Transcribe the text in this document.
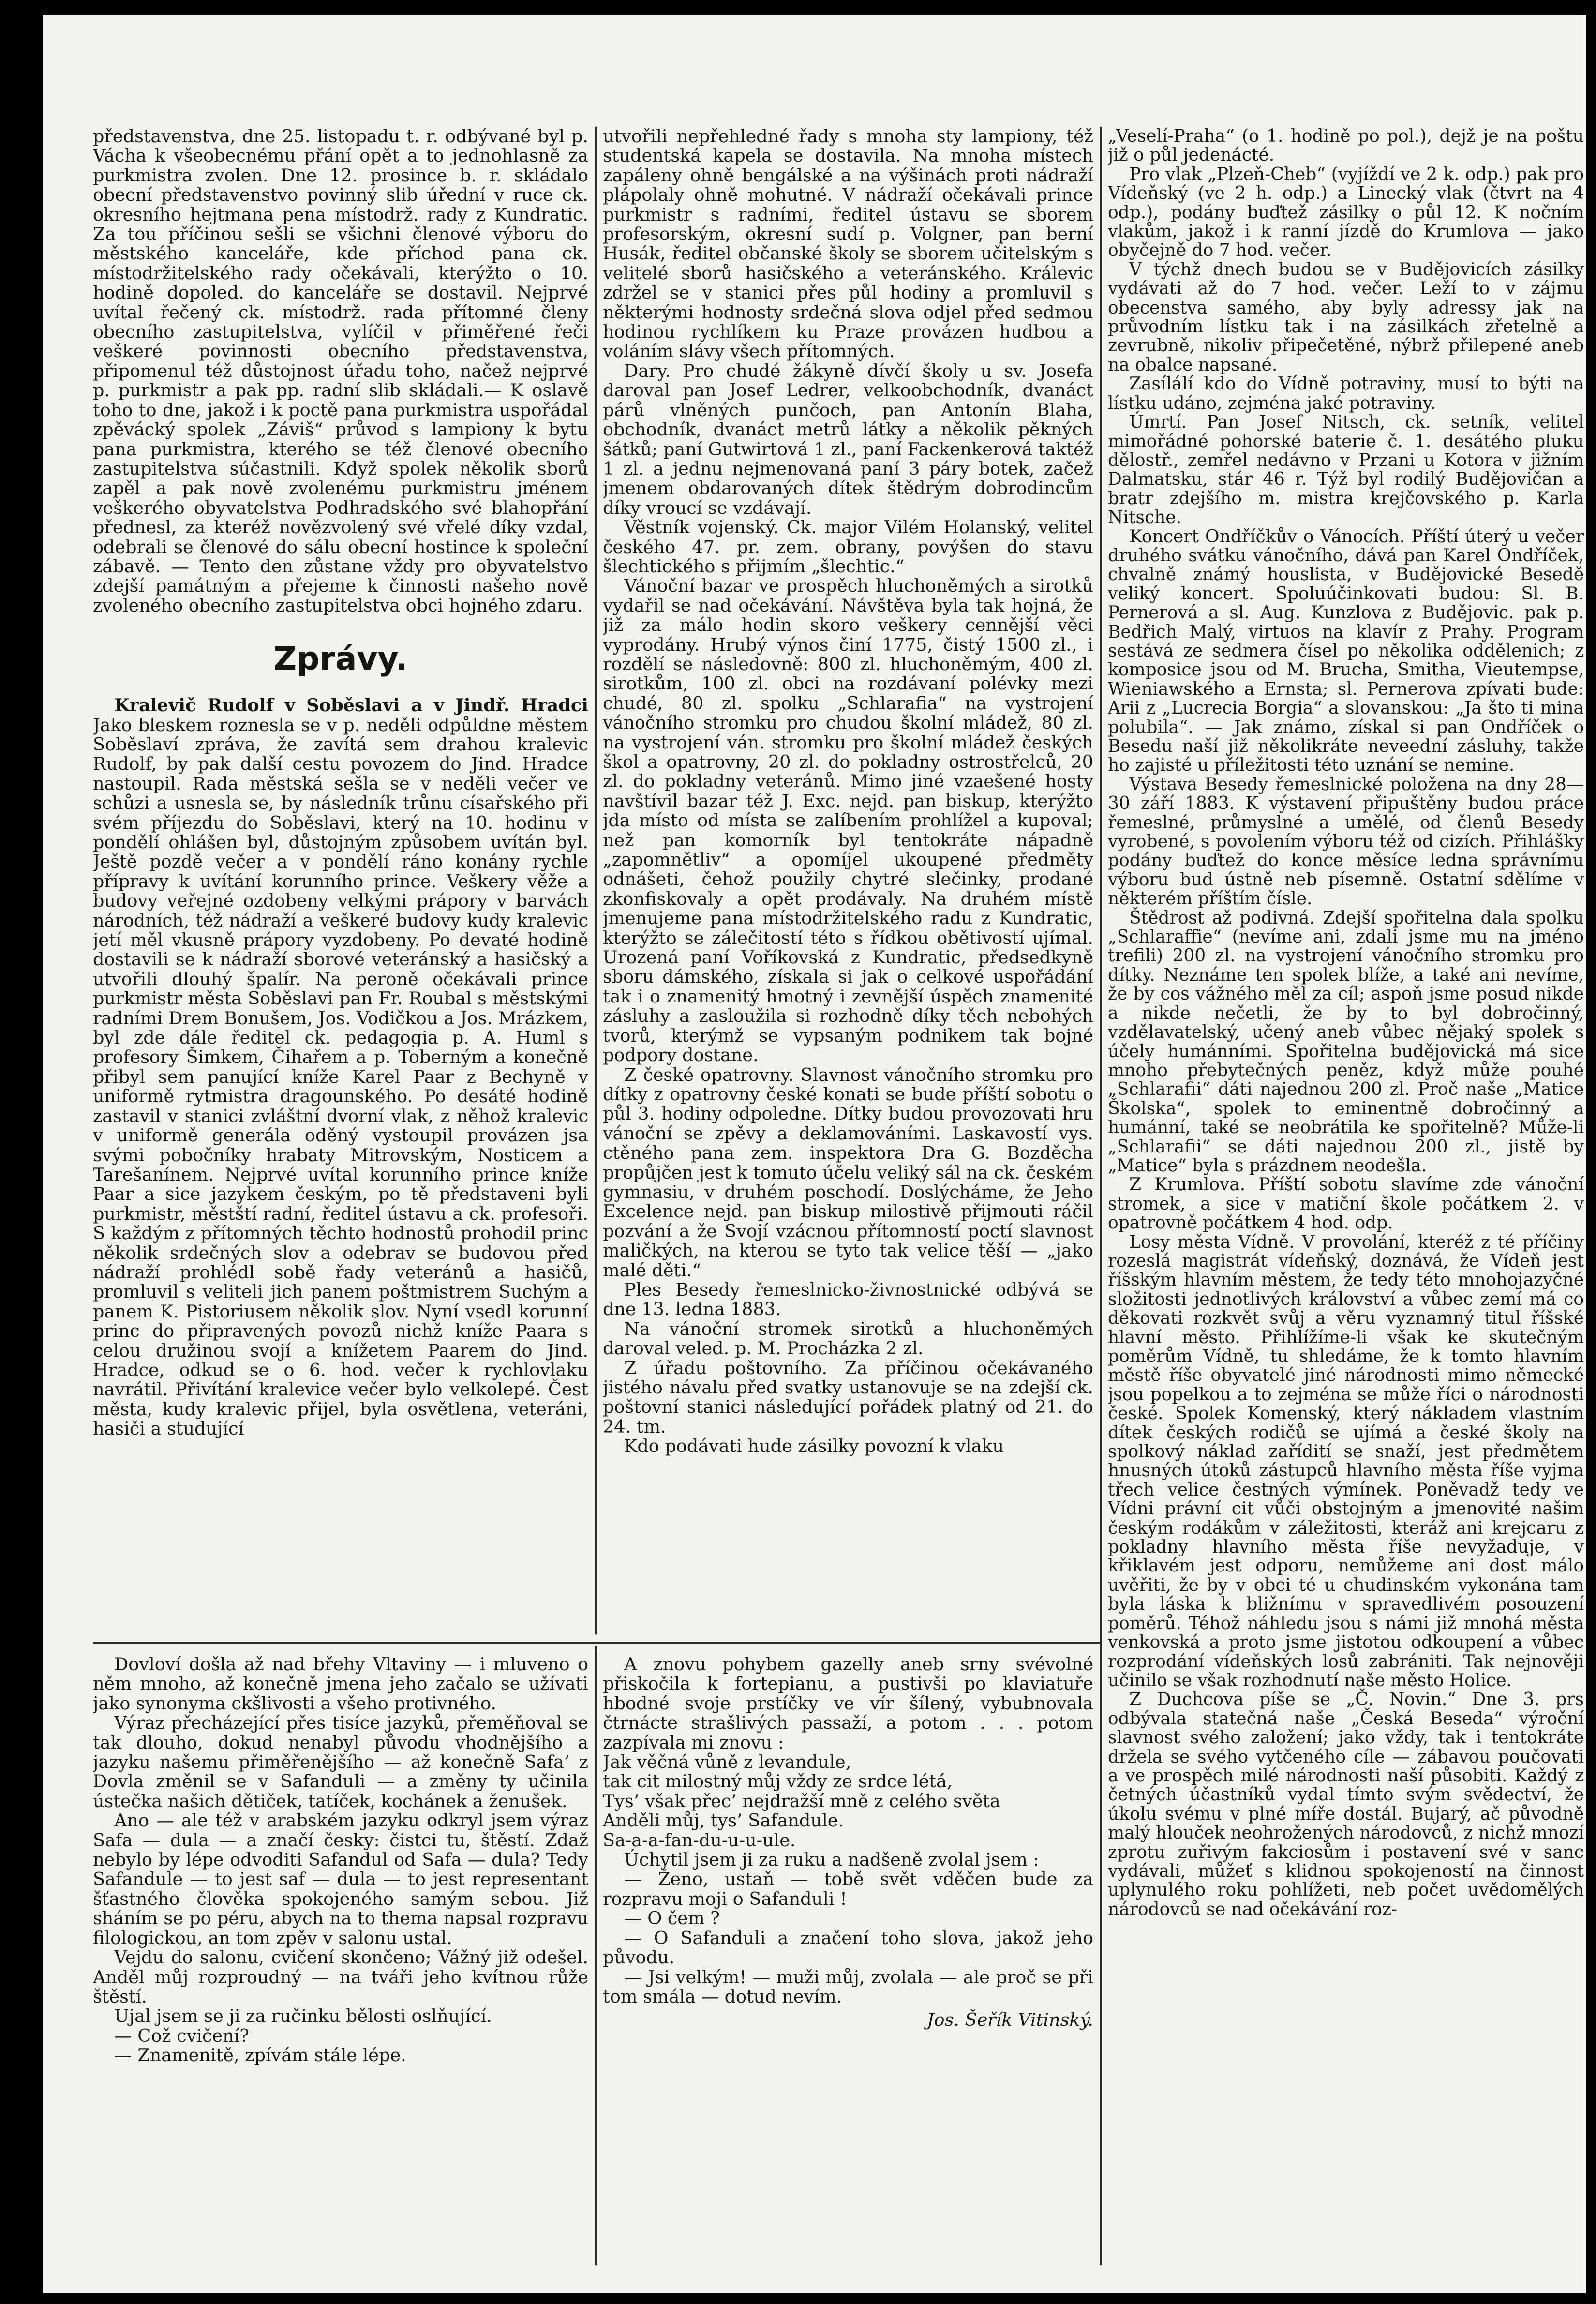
představenstva, dne 25. listopadu t. r. odbývané byl p. Vácha k všeobecnému přání opět a to jednohlasně za purkmistra zvolen. Dne 12. prosince b. r. skládalo obecní představenstvo povinný slib úřední v ruce ck. okresního hejtmana pena místodrž. rady z Kundratic. Za tou příčinou sešli se všichni členové výboru do městského kanceláře, kde příchod pana ck. místodržitelského rady očekávali, kterýžto o 10. hodině dopoled. do kanceláře se dostavil. Nejprvé uvítal řečený ck. místodrž. rada přítomné členy obecního zastupitelstva, vylíčil v přiměřené řeči veškeré povinnosti obecního představenstva, připomenul též důstojnost úřadu toho, načež nejprvé p. purkmistr a pak pp. radní slib skládali.— K oslavě toho to dne, jakož i k poctě pana purkmistra uspořádal zpěvácký spolek „Záviš“ průvod s lampiony k bytu pana purkmistra, kterého se též členové obecního zastupitelstva súčastnili. Když spolek několik sborů zapěl a pak nově zvolenému purkmistru jménem veškerého obyvatelstva Podhradského své blahopřání přednesl, za kteréž novězvolený své vřelé díky vzdal, odebrali se členové do sálu obecní hostince k společní zábavě. — Tento den zůstane vždy pro obyvatelstvo zdejší památným a přejeme k činnosti našeho nově zvoleného obecního zastupitelstva obci hojného zdaru.
Zprávy.
Kralevič Rudolf v Soběslavi a v Jindř. Hradci Jako bleskem roznesla se v p. neděli odpůldne městem Soběslaví zpráva, že zavítá sem drahou kralevic Rudolf, by pak další cestu povozem do Jind. Hradce nastoupil. Rada městská sešla se v neděli večer ve schůzi a usnesla se, by následník trůnu císařského při svém příjezdu do Soběslavi, který na 10. hodinu v pondělí ohlášen byl, důstojným způsobem uvítán byl. Ještě pozdě večer a v pondělí ráno konány rychle přípravy k uvítání korunního prince. Veškery věže a budovy veřejné ozdobeny velkými prápory v barvách národních, též nádraží a veškeré budovy kudy kralevic jetí měl vkusně prápory vyzdobeny. Po devaté hodině dostavili se k nádraží sborové veteránský a hasičský a utvořili dlouhý špalír. Na peroně očekávali prince purkmistr města Soběslavi pan Fr. Roubal s městskými radními Drem Bonušem, Jos. Vodičkou a Jos. Mrázkem, byl zde dále ředitel ck. pedagogia p. A. Huml s profesory Šimkem, Čihařem a p. Toberným a konečně přibyl sem panující kníže Karel Paar z Bechyně v uniformě rytmistra dragounského. Po desáté hodině zastavil v stanici zvláštní dvorní vlak, z něhož kralevic v uniformě generála oděný vystoupil provázen jsa svými pobočníky hrabaty Mitrovským, Nosticem a Tarešanínem. Nejprvé uvítal korunního prince kníže Paar a sice jazykem českým, po tě představeni byli purkmistr, městští radní, ředitel ústavu a ck. profesoři. S každým z přítomných těchto hodnostů prohodil princ několik srdečných slov a odebrav se budovou před nádraží prohlédl sobě řady veteránů a hasičů, promluvil s veliteli jich panem poštmistrem Suchým a panem K. Pistoriusem několik slov. Nyní vsedl korunní princ do připravených povozů nichž kníže Paara s celou družinou svojí a knížetem Paarem do Jind. Hradce, odkud se o 6. hod. večer k rychlovlaku navrátil. Přivítání kralevice večer bylo velkolepé. Čest města, kudy kralevic přijel, byla osvětlena, veteráni, hasiči a studující

utvořili nepřehledné řady s mnoha sty lampiony, též studentská kapela se dostavila. Na mnoha místech zapáleny ohně bengálské a na výšinách proti nádraží plápolaly ohně mohutné. V nádraží očekávali prince purkmistr s radními, ředitel ústavu se sborem profesorským, okresní sudí p. Volgner, pan berní Husák, ředitel občanské školy se sborem učitelským s velitelé sborů hasičského a veteránského. Králevic zdržel se v stanici přes půl hodiny a promluvil s některými hodnosty srdečná slova odjel před sedmou hodinou rychlíkem ku Praze provázen hudbou a voláním slávy všech přítomných.

Dary. Pro chudé žákyně dívčí školy u sv. Josefa daroval pan Josef Ledrer, velkoobchodník, dvanáct párů vlněných punčoch, pan Antonín Blaha, obchodník, dvanáct metrů látky a několik pěkných šátků; paní Gutwirtová 1 zl., paní Fackenkerová taktéž 1 zl. a jednu nejmenovaná paní 3 páry botek, začež jmenem obdarovaných dítek štědrým dobrodincům díky vroucí se vzdávají.

Věstník vojenský. Ck. major Vilém Holanský, velitel českého 47. pr. zem. obrany, povýšen do stavu šlechtického s přijmím „šlechtic.“

Vánoční bazar ve prospěch hluchoněmých a sirotků vydařil se nad očekávání. Návštěva byla tak hojná, že již za málo hodin skoro veškery cennější věci vyprodány. Hrubý výnos činí 1775, čistý 1500 zl., i rozdělí se následovně: 800 zl. hluchoněmým, 400 zl. sirotkům, 100 zl. obci na rozdávaní polévky mezi chudé, 80 zl. spolku „Schlarafia“ na vystrojení vánočního stromku pro chudou školní mládež, 80 zl. na vystrojení ván. stromku pro školní mládež českých škol a opatrovny, 20 zl. do pokladny ostrostřelců, 20 zl. do pokladny veteránů. Mimo jiné vzaešené hosty navštívil bazar též J. Exc. nejd. pan biskup, kterýžto jda místo od místa se zalíbením prohlížel a kupoval; než pan komorník byl tentokráte nápadně „zapomnětliv“ a opomíjel ukoupené předměty odnášeti, čehož použily chytré slečinky, prodané zkonfiskovaly a opět prodávaly. Na druhém místě jmenujeme pana místodržitelského radu z Kundratic, kterýžto se zálečitostí této s řídkou obětivostí ujímal. Urozená paní Voříkovská z Kundratic, předsedkyně sboru dámského, získala si jak o celkové uspořádání tak i o znamenitý hmotný i zevnější úspěch znamenité zásluhy a zasloužila si rozhodně díky těch nebohých tvorů, kterýmž se vypsaným podnikem tak bojné podpory dostane.

Z české opatrovny. Slavnost vánočního stromku pro dítky z opatrovny české konati se bude příští sobotu o půl 3. hodiny odpoledne. Dítky budou provozovati hru vánoční se zpěvy a deklamováními. Laskavostí vys. ctěného pana zem. inspektora Dra G. Bozděcha propůjčen jest k tomuto účelu veliký sál na ck. českém gymnasiu, v druhém poschodí. Doslýcháme, že Jeho Excelence nejd. pan biskup milostivě přijmouti ráčil pozvání a že Svojí vzácnou přítomností poctí slavnost maličkých, na kterou se tyto tak velice těší — „jako malé děti.“

Ples Besedy řemeslnicko-živnostnické odbývá se dne 13. ledna 1883.

Na vánoční stromek sirotků a hluchoněmých daroval veled. p. M. Procházka 2 zl.

Z úřadu poštovního. Za příčinou očekávaného jistého návalu před svatky ustanovuje se na zdejší ck. poštovní stanici následující pořádek platný od 21. do 24. tm.

Kdo podávati hude zásilky povozní k vlaku

„Veselí-Praha“ (o 1. hodině po pol.), dejž je na poštu již o půl jedenácté.

Pro vlak „Plzeň-Cheb“ (vyjíždí ve 2 k. odp.) pak pro Vídeňský (ve 2 h. odp.) a Linecký vlak (čtvrt na 4 odp.), podány buďtež zásilky o půl 12. K nočním vlakům, jakož i k ranní jízdě do Krumlova — jako obyčejně do 7 hod. večer.

V týchž dnech budou se v Budějovicích zásilky vydávati až do 7 hod. večer. Leží to v zájmu obecenstva samého, aby byly adressy jak na průvodním lístku tak i na zásilkách zřetelně a zevrubně, nikoliv připečetěné, nýbrž přilepené aneb na obalce napsané.

Zasílálí kdo do Vídně potraviny, musí to býti na lístku udáno, zejména jaké potraviny.

Úmrtí. Pan Josef Nitsch, ck. setník, velitel mimořádné pohorské baterie č. 1. desátého pluku dělostř., zemřel nedávno v Przani u Kotora v jižním Dalmatsku, stár 46 r. Týž byl rodilý Budějovičan a bratr zdejšího m. mistra krejčovského p. Karla Nitsche.

Koncert Ondříčkův o Vánocích. Příští úterý u večer druhého svátku vánočního, dává pan Karel Ondříček, chvalně známý houslista, v Budějovické Besedě veliký koncert. Spoluúčinkovati budou: Sl. B. Pernerová a sl. Aug. Kunzlova z Budějovic. pak p. Bedřich Malý, virtuos na klavír z Prahy. Program sestává ze sedmera čísel po několika oddělenich; z komposice jsou od M. Brucha, Smitha, Vieutempse, Wieniawského a Ernsta; sl. Pernerova zpívati bude: Arii z „Lucrecia Borgia“ a slovanskou: „Ja što ti mina polubila“. — Jak známo, získal si pan Ondříček o Besedu naší již několikráte neveední zásluhy, takže ho zajisté u příležitosti této uznání se nemine.

Výstava Besedy řemeslnické položena na dny 28—30 září 1883. K výstavení připuštěny budou práce řemeslné, průmyslné a umělé, od členů Besedy vyrobené, s povolením výboru též od cizích. Přihlášky podány buďtež do konce měsíce ledna správnímu výboru bud ústně neb písemně. Ostatní sdělíme v některém příštím čísle.

Štědrost až podivná. Zdejší spořitelna dala spolku „Schlaraffie“ (nevíme ani, zdali jsme mu na jméno trefili) 200 zl. na vystrojení vánočního stromku pro dítky. Neznáme ten spolek blíže, a také ani nevíme, že by cos vážného měl za cíl; aspoň jsme posud nikde a nikde nečetli, že by to byl dobročinný, vzdělavatelský, učený aneb vůbec nějaký spolek s účely humánními. Spořitelna budějovická má sice mnoho přebytečných peněz, když může pouhé „Schlarafii“ dáti najednou 200 zl. Proč naše „Matice Školska“, spolek to eminentně dobročinný a humánní, také se neobrátila ke spořitelně? Může-li „Schlarafii“ se dáti najednou 200 zl., jistě by „Matice“ byla s prázdnem neodešla.

Z Krumlova. Příští sobotu slavíme zde vánoční stromek, a sice v matiční škole počátkem 2. v opatrovně počátkem 4 hod. odp.

Losy města Vídně. V provolání, kteréž z té příčiny rozeslá magistrát vídeňský, doznává, že Vídeň jest říšským hlavním městem, že tedy této mnohojazyčné složitosti jednotlivých království a vůbec zemí má co děkovati rozkvět svůj a věru vyznamný titul říšské hlavní město. Přihlížíme-li však ke skutečným poměrům Vídně, tu shledáme, že k tomto hlavním městě říše obyvatelé jiné národnosti mimo německé jsou popelkou a to zejména se může říci o národnosti české. Spolek Komenský, který nákladem vlastním dítek českých rodičů se ujímá a české školy na spolkový náklad zařídití se snaží, jest předmětem hnusných útoků zástupců hlavního města říše vyjma třech velice čestných výmínek. Poněvadž tedy ve Vídni právní cit vůči obstojným a jmenovité našim českým rodákům v záležitosti, kteráž ani krejcaru z pokladny hlavního města říše nevyžaduje, v křiklavém jest odporu, nemůžeme ani dost málo uvěřiti, že by v obci té u chudinském vykonána tam byla láska k bližnímu v spravedlivém posouzení poměrů. Téhož náhledu jsou s námi již mnohá města venkovská a proto jsme jistotou odkoupení a vůbec rozprodání vídeňských losů zabrániti. Tak nejnověji učinilo se však rozhodnutí naše město Holice.

Z Duchcova píše se „Č. Novin.“ Dne 3. prs odbývala statečná naše „Česká Beseda“ výroční slavnost svého založení; jako vždy, tak i tentokráte držela se svého vytčeného cíle — zábavou poučovati a ve prospěch milé národnosti naší působiti. Každý z četných účastníků vydal tímto svým svědectví, že úkolu svému v plné míře dostál. Bujarý, ač původně malý hlouček neohrožených národovců, z nichž mnozí zprotu zuřivým fakciosům i postavení své v sanc vydávali, můžeť s klidnou spokojeností na činnost uplynulého roku pohlížeti, neb počet uvědomělých národovců se nad očekávání roz-

Dovloví došla až nad břehy Vltaviny — i mluveno o něm mnoho, až konečně jmena jeho začalo se užívati jako synonyma ckšlivosti a všeho protivného.

Výraz přecházející přes tisíce jazyků, přeměňoval se tak dlouho, dokud nenabyl původu vhodnějšího a jazyku našemu přiměřenějšího — až konečně Safa’ z Dovla změnil se v Safanduli — a změny ty učinila ústečka našich dětiček, tatíček, kochánek a ženušek.

Ano — ale též v arabském jazyku odkryl jsem výraz Safa — dula — a značí česky: čistci tu, štěstí. Zdaž nebylo by lépe odvoditi Safandul od Safa — dula? Tedy Safandule — to jest saf — dula — to jest representant šťastného člověka spokojeného samým sebou. Již sháním se po péru, abych na to thema napsal rozpravu filologickou, an tom zpěv v salonu ustal.

Vejdu do salonu, cvičení skončeno; Vážný již odešel. Anděl můj rozproudný — na tváři jeho kvítnou růže štěstí.

Ujal jsem se ji za ručinku bělosti oslňující.

— Což cvičení?

— Znamenitě, zpívám stále lépe.

A znovu pohybem gazelly aneb srny svévolné přiskočila k fortepianu, a pustivši po klaviatuře hbodné svoje prstíčky ve vír šílený, vybubnovala čtrnácte strašlivých passaží, a potom . . . potom zazpívala mi znovu :

Jak věčná vůně z levandule,

tak cit milostný můj vždy ze srdce létá,

Tys’ však přec’ nejdražší mně z celého světa

Anděli můj, tys’ Safandule.

Sa-a-a-fan-du-u-u-ule.

Úchytil jsem ji za ruku a nadšeně zvolal jsem :

— Ženo, ustaň — tobě svět vděčen bude za rozpravu moji o Safanduli !

— O čem ?

— O Safanduli a značení toho slova, jakož jeho původu.

— Jsi velkým! — muži můj, zvolala — ale proč se při tom smála — dotud nevím.

Jos. Šeřík Vitinský.
